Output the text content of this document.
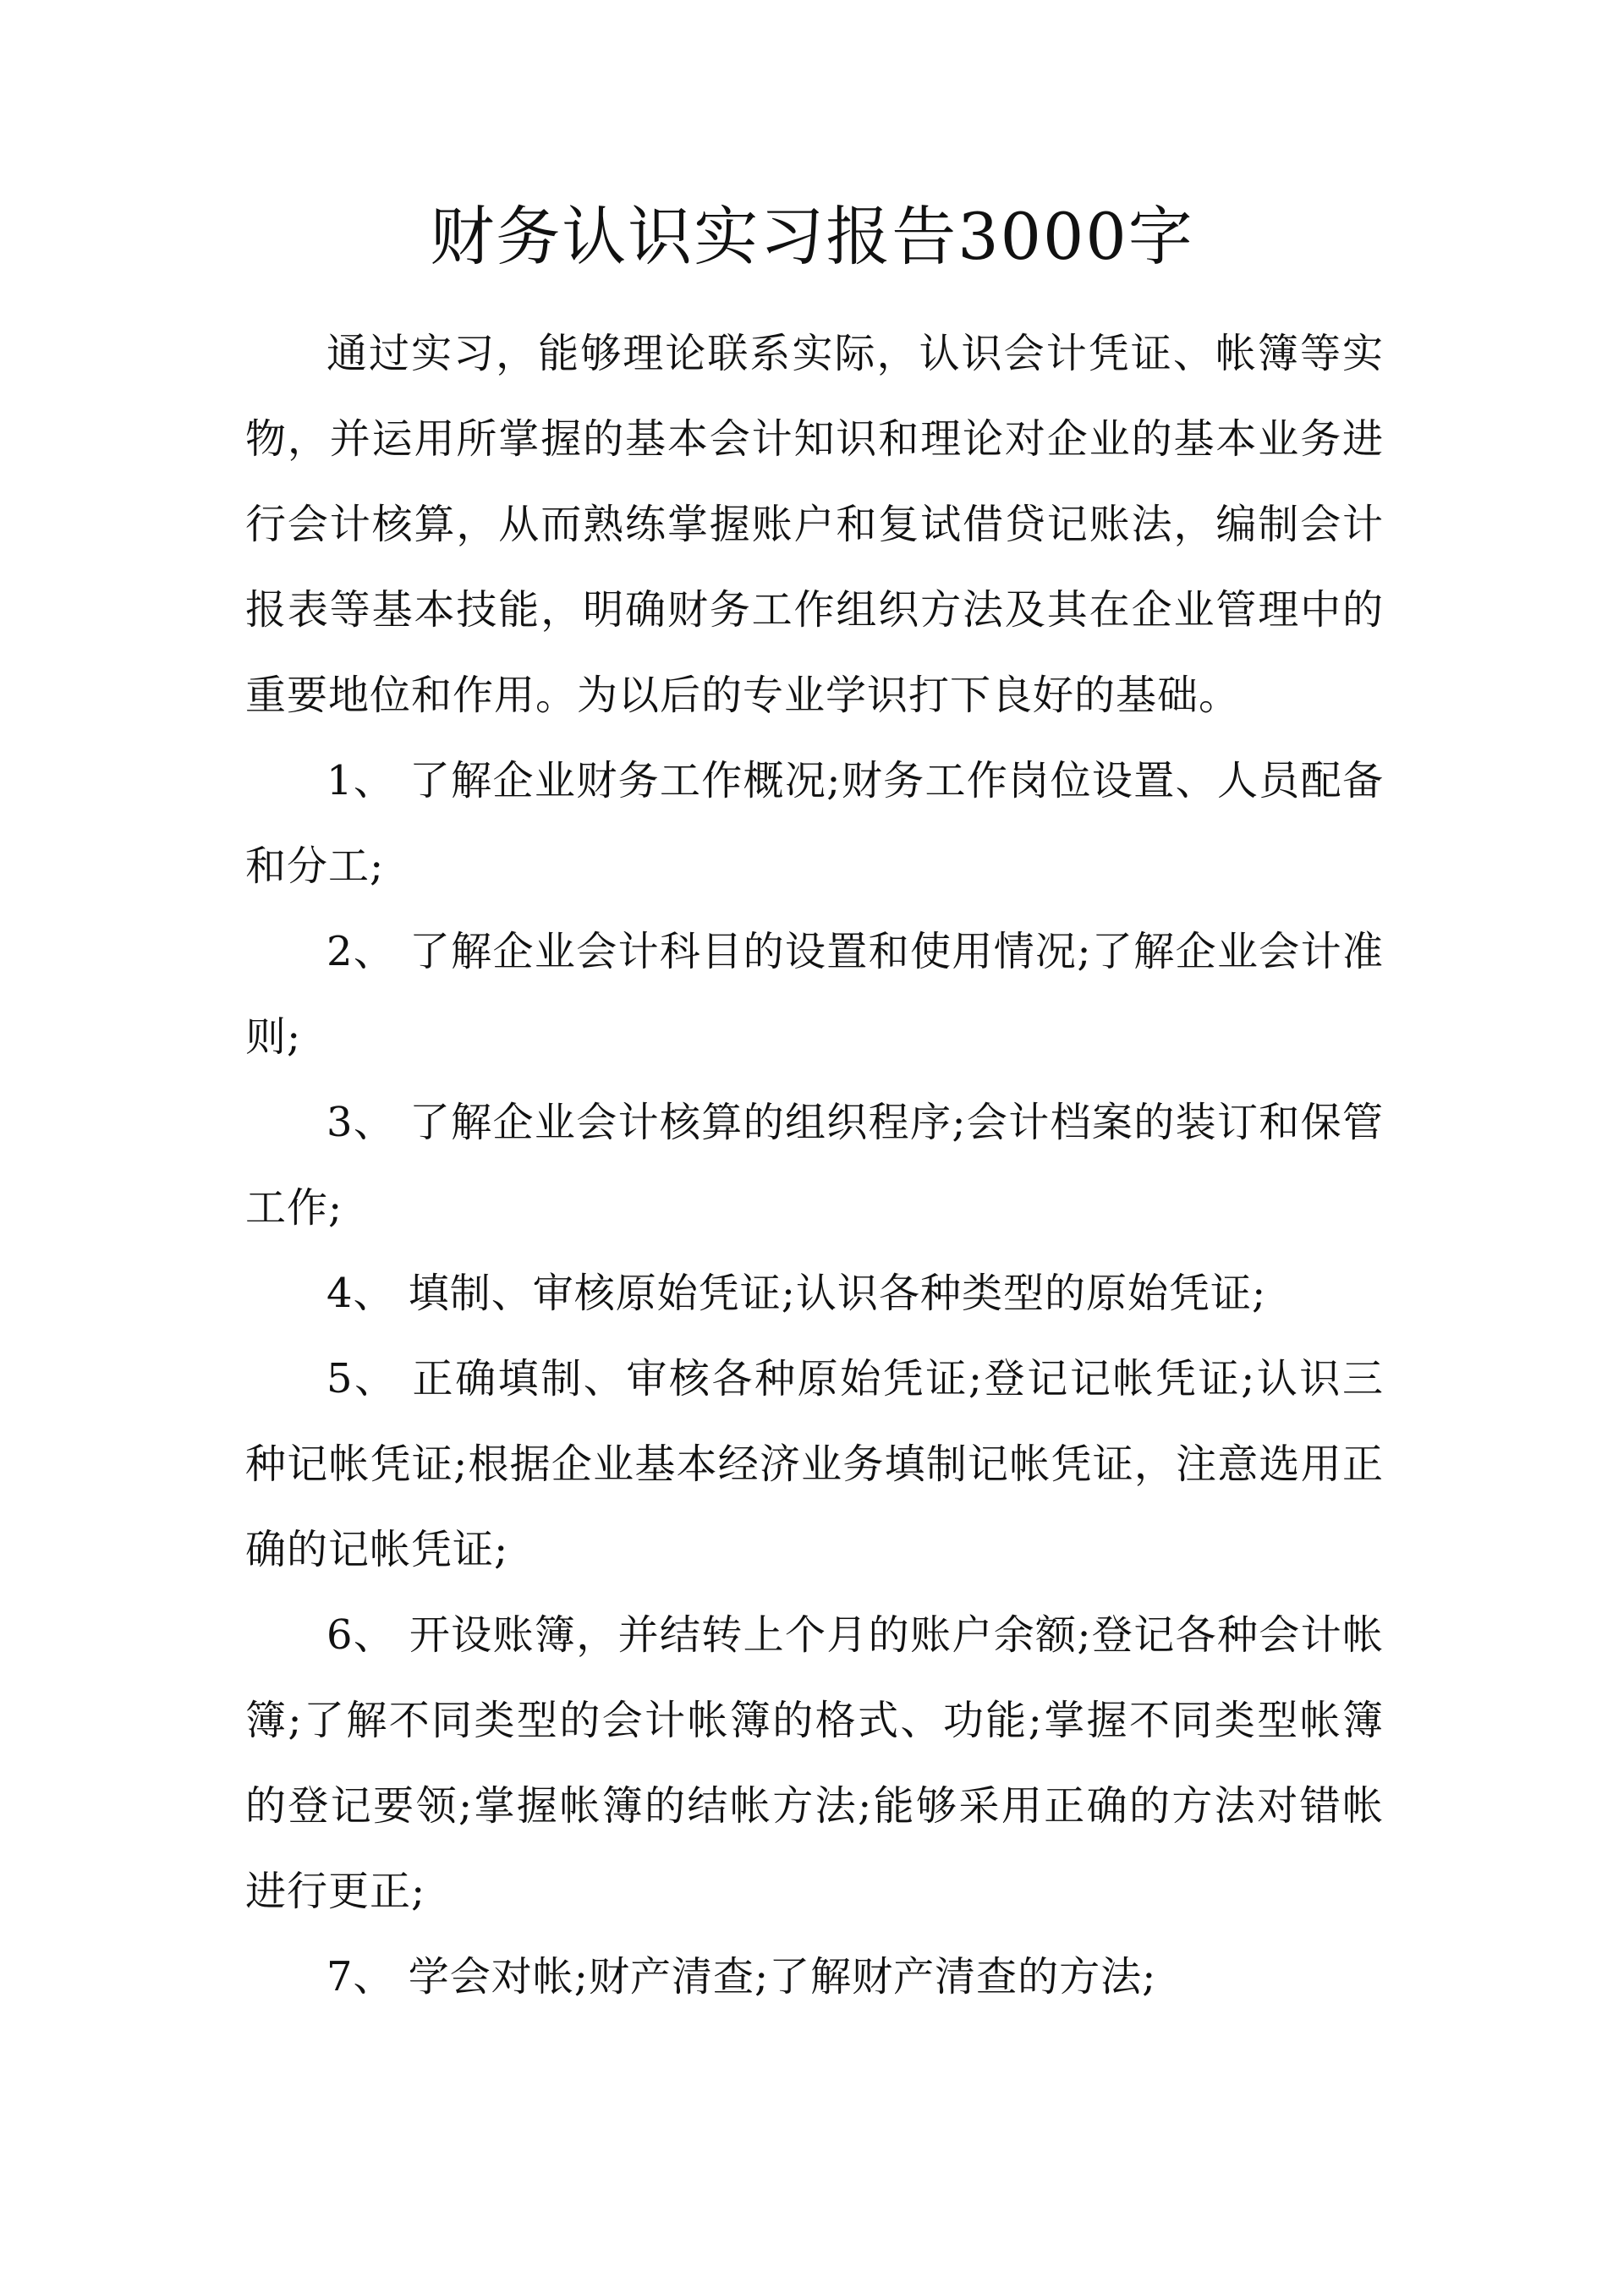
财务认识实习报告3000字

通过实习，能够理论联系实际，认识会计凭证、帐簿等实物，并运用所掌握的基本会计知识和理论对企业的基本业务进行会计核算，从而熟练掌握账户和复试借贷记账法，编制会计报表等基本技能，明确财务工作组织方法及其在企业管理中的重要地位和作用。为以后的专业学识打下良好的基础。

1、 了解企业财务工作概况;财务工作岗位设置、人员配备和分工;

2、 了解企业会计科目的设置和使用情况;了解企业会计准则;

3、 了解企业会计核算的组织程序;会计档案的装订和保管工作;

4、 填制、审核原始凭证;认识各种类型的原始凭证;

5、 正确填制、审核各种原始凭证;登记记帐凭证;认识三种记帐凭证;根据企业基本经济业务填制记帐凭证，注意选用正确的记帐凭证;

6、 开设账簿，并结转上个月的账户余额;登记各种会计帐簿;了解不同类型的会计帐簿的格式、功能;掌握不同类型帐簿的登记要领;掌握帐簿的结帐方法;能够采用正确的方法对错帐进行更正;

7、 学会对帐;财产清查;了解财产清查的方法;
